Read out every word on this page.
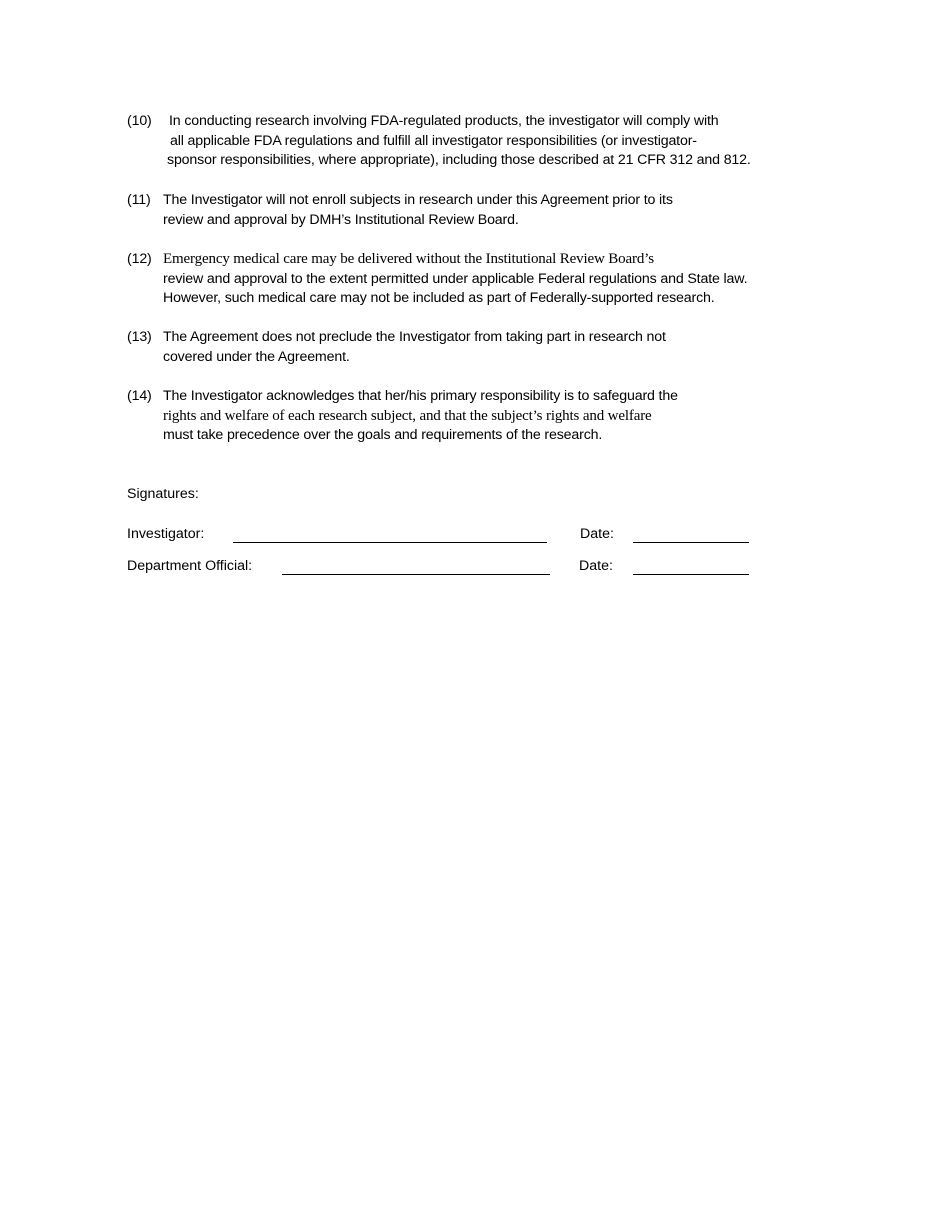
(10)	In conducting research involving FDA-regulated products, the investigator will comply with
all applicable FDA regulations and fulfill all investigator responsibilities (or investigator-
sponsor responsibilities, where appropriate), including those described at 21 CFR 312 and 812.
(11) The Investigator will not enroll subjects in research under this Agreement prior to its
review and approval by DMH’s Institutional Review Board.
(12) Emergency medical care may be delivered without the Institutional Review Board’s
review and approval to the extent permitted under applicable Federal regulations and State law.
However, such medical care may not be included as part of Federally-supported research.
(13) The Agreement does not preclude the Investigator from taking part in research not
covered under the Agreement.
(14) The Investigator acknowledges that her/his primary responsibility is to safeguard the
rights and welfare of each research subject, and that the subject’s rights and welfare
must take precedence over the goals and requirements of the research.
Signatures:
Investigator:	Date:
Department Official:	Date:
